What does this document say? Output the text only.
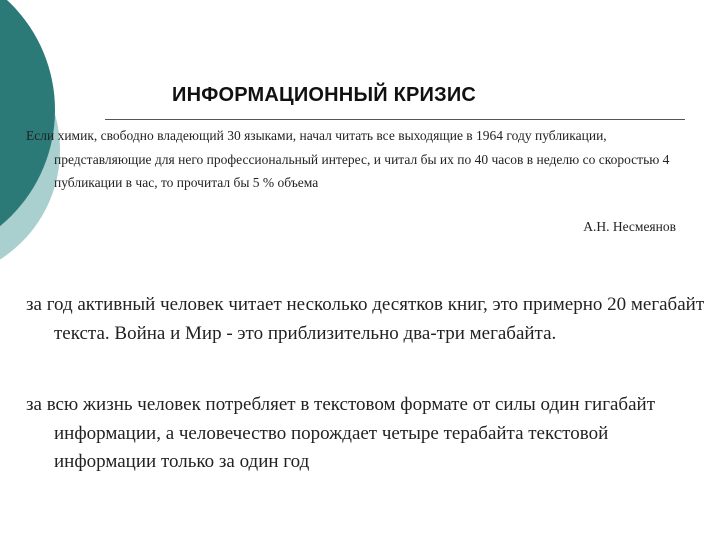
ИНФОРМАЦИОННЫЙ КРИЗИС

Если химик, свободно владеющий 30 языками, начал читать все выходящие в 1964 году публикации, представляющие для него профессиональный интерес, и читал бы их по 40 часов в неделю со скоростью 4 публикации в час, то прочитал бы 5 % объема

А.Н. Несмеянов

за год активный человек читает несколько десятков книг, это примерно 20 мегабайт текста. Война и Мир - это приблизительно два-три мегабайта.

за всю жизнь человек потребляет в текстовом формате от силы один гигабайт информации, а человечество порождает четыре терабайта текстовой информации только за один год
